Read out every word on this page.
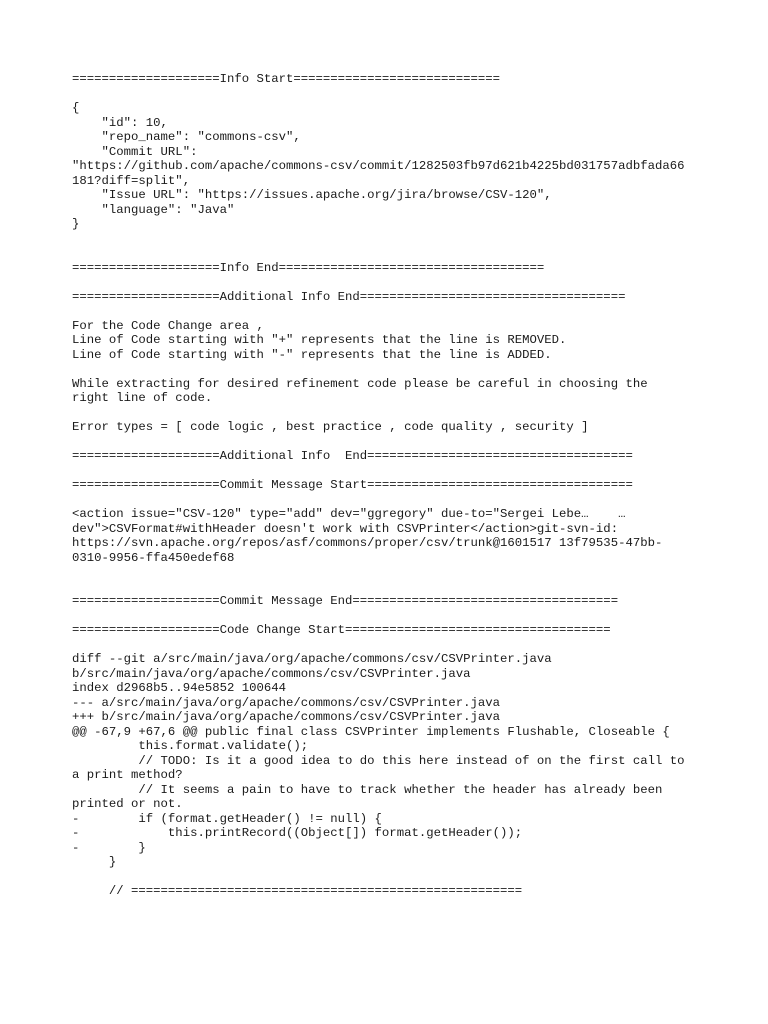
====================Info Start============================
{
"id": 10,
"repo_name": "commons-csv",
"Commit URL":
"https://github.com/apache/commons-csv/commit/1282503fb97d621b4225bd031757adbfada66
181?diff=split",
"Issue URL": "https://issues.apache.org/jira/browse/CSV-120",
"language": "Java"
}
====================Info End====================================
====================Additional Info End====================================
For the Code Change area ,
Line of Code starting with "+" represents that the line is REMOVED.
Line of Code starting with "-" represents that the line is ADDED.
While extracting for desired refinement code please be careful in choosing the
right line of code.
Error types = [ code logic , best practice , code quality , security ]
====================Additional Info  End====================================
====================Commit Message Start====================================
<action issue="CSV-120" type="add" dev="ggregory" due-to="Sergei Lebe…    …
dev">CSVFormat#withHeader doesn't work with CSVPrinter</action>git-svn-id:
https://svn.apache.org/repos/asf/commons/proper/csv/trunk@1601517 13f79535-47bb-
0310-9956-ffa450edef68
====================Commit Message End====================================
====================Code Change Start====================================
diff --git a/src/main/java/org/apache/commons/csv/CSVPrinter.java
b/src/main/java/org/apache/commons/csv/CSVPrinter.java
index d2968b5..94e5852 100644
--- a/src/main/java/org/apache/commons/csv/CSVPrinter.java
+++ b/src/main/java/org/apache/commons/csv/CSVPrinter.java
@@ -67,9 +67,6 @@ public final class CSVPrinter implements Flushable, Closeable {
this.format.validate();
// TODO: Is it a good idea to do this here instead of on the first call to
a print method?
// It seems a pain to have to track whether the header has already been
printed or not.
-        if (format.getHeader() != null) {
-            this.printRecord((Object[]) format.getHeader());
-        }
}
// =====================================================
